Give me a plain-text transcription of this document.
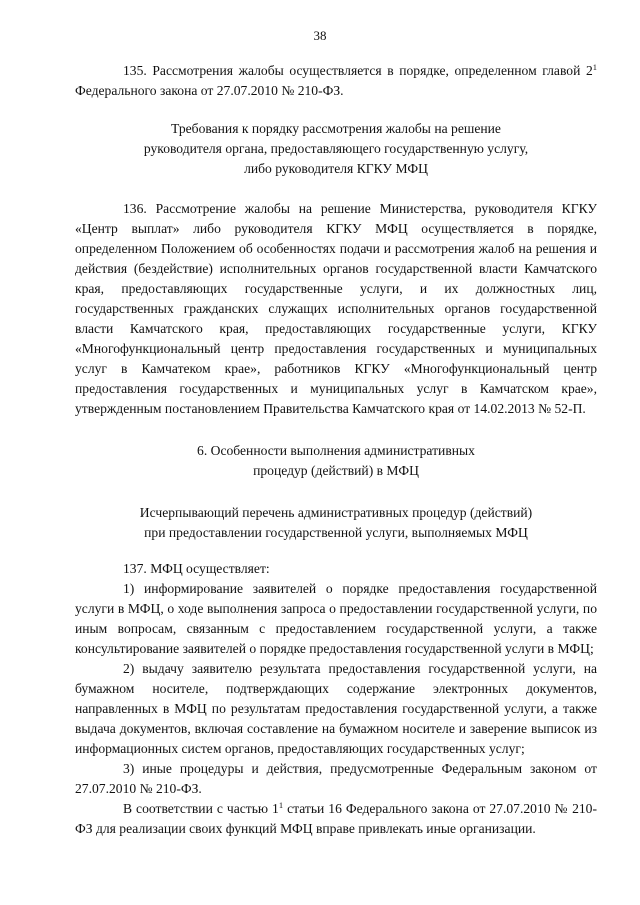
38

135. Рассмотрения жалобы осуществляется в порядке, определенном главой $2^1$ Федерального закона от 27.07.2010 № 210-ФЗ.

Требования к порядку рассмотрения жалобы на решение
руководителя органа, предоставляющего государственную услугу,
либо руководителя КГКУ МФЦ

136. Рассмотрение жалобы на решение Министерства, руководителя КГКУ «Центр выплат» либо руководителя КГКУ МФЦ осуществляется в порядке, определенном Положением об особенностях подачи и рассмотрения жалоб на решения и действия (бездействие) исполнительных органов государственной власти Камчатского края, предоставляющих государственные услуги, и их должностных лиц, государственных гражданских служащих исполнительных органов государственной власти Камчатского края, предоставляющих государственные услуги, КГКУ «Многофункциональный центр предоставления государственных и муниципальных услуг в Камчатеком крае», работников КГКУ «Многофункциональный центр предоставления государственных и муниципальных услуг в Камчатском крае», утвержденным постановлением Правительства Камчатского края от 14.02.2013 № 52-П.

6. Особенности выполнения административных
процедур (действий) в МФЦ
Исчерпывающий перечень административных процедур (действий)
при предоставлении государственной услуги, выполняемых МФЦ

137. МФЦ осуществляет:

1) информирование заявителей о порядке предоставления государственной услуги в МФЦ, о ходе выполнения запроса о предоставлении государственной услуги, по иным вопросам, связанным с предоставлением государственной услуги, а также консультирование заявителей о порядке предоставления государственной услуги в МФЦ;

2) выдачу заявителю результата предоставления государственной услуги, на бумажном носителе, подтверждающих содержание электронных документов, направленных в МФЦ по результатам предоставления государственной услуги, а также выдача документов, включая составление на бумажном носителе и заверение выписок из информационных систем органов, предоставляющих государственных услуг;

3) иные процедуры и действия, предусмотренные Федеральным законом от 27.07.2010 № 210-ФЗ.

В соответствии с частью $1^1$ статьи 16 Федерального закона от 27.07.2010 № 210-ФЗ для реализации своих функций МФЦ вправе привлекать иные организации.
